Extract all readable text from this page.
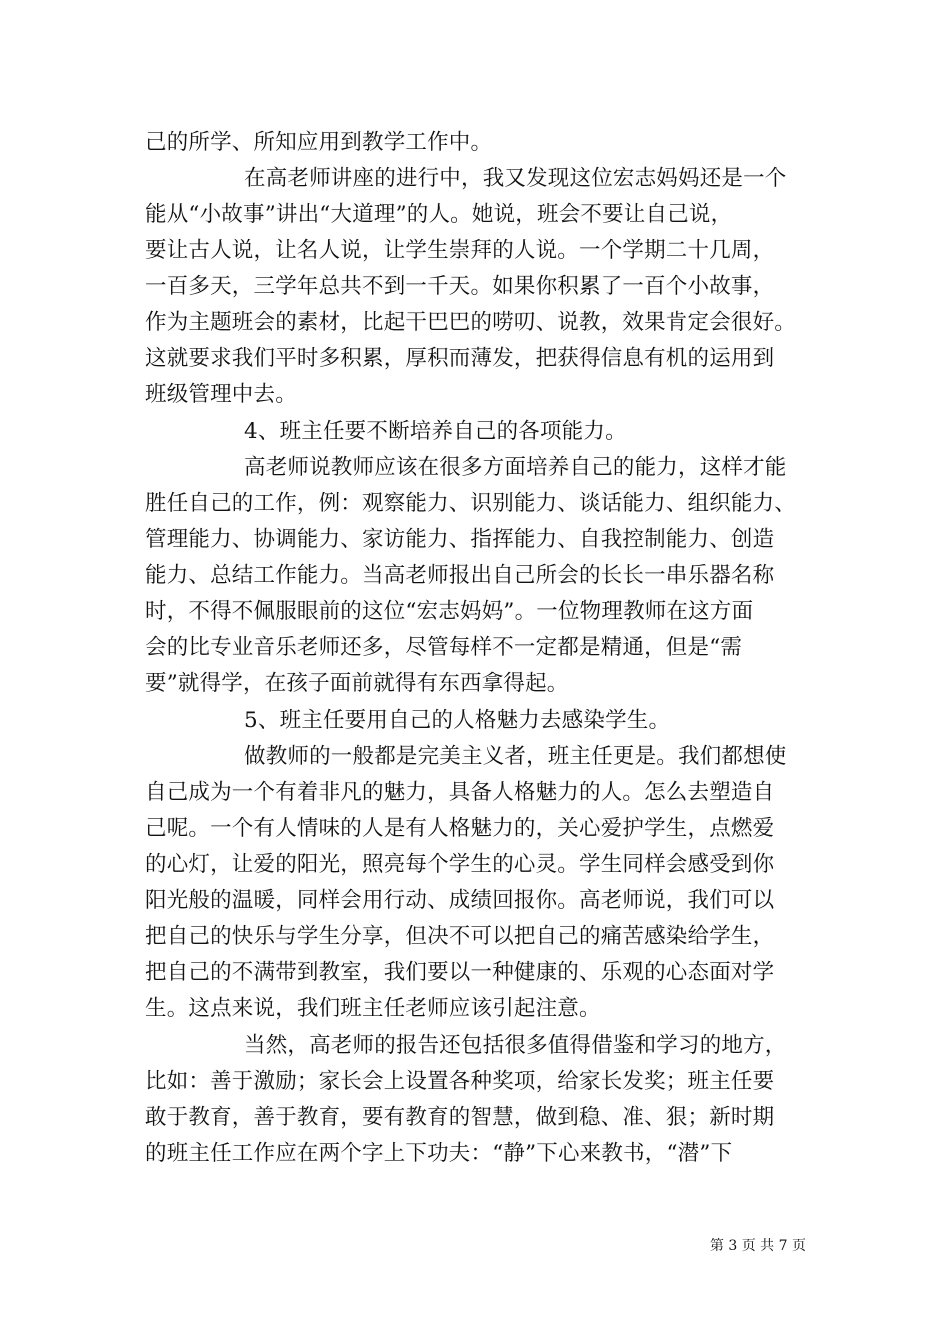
己的所学、所知应用到教学工作中。
在高老师讲座的进行中，我又发现这位宏志妈妈还是一个
能从“小故事”讲出“大道理”的人。她说，班会不要让自己说，
要让古人说，让名人说，让学生崇拜的人说。一个学期二十几周，
一百多天，三学年总共不到一千天。如果你积累了一百个小故事，
作为主题班会的素材，比起干巴巴的唠叨、说教，效果肯定会很好。
这就要求我们平时多积累，厚积而薄发，把获得信息有机的运用到
班级管理中去。
4、班主任要不断培养自己的各项能力。
高老师说教师应该在很多方面培养自己的能力，这样才能
胜任自己的工作，例：观察能力、识别能力、谈话能力、组织能力、
管理能力、协调能力、家访能力、指挥能力、自我控制能力、创造
能力、总结工作能力。当高老师报出自己所会的长长一串乐器名称
时，不得不佩服眼前的这位“宏志妈妈”。一位物理教师在这方面
会的比专业音乐老师还多，尽管每样不一定都是精通，但是“需
要”就得学，在孩子面前就得有东西拿得起。
5、班主任要用自己的人格魅力去感染学生。
做教师的一般都是完美主义者，班主任更是。我们都想使
自己成为一个有着非凡的魅力，具备人格魅力的人。怎么去塑造自
己呢。一个有人情味的人是有人格魅力的，关心爱护学生，点燃爱
的心灯，让爱的阳光，照亮每个学生的心灵。学生同样会感受到你
阳光般的温暖，同样会用行动、成绩回报你。高老师说，我们可以
把自己的快乐与学生分享，但决不可以把自己的痛苦感染给学生，
把自己的不满带到教室，我们要以一种健康的、乐观的心态面对学
生。这点来说，我们班主任老师应该引起注意。
当然，高老师的报告还包括很多值得借鉴和学习的地方，
比如：善于激励；家长会上设置各种奖项，给家长发奖；班主任要
敢于教育，善于教育，要有教育的智慧，做到稳、准、狠；新时期
的班主任工作应在两个字上下功夫：“静”下心来教书，“潜”下
第 3 页 共 7 页
